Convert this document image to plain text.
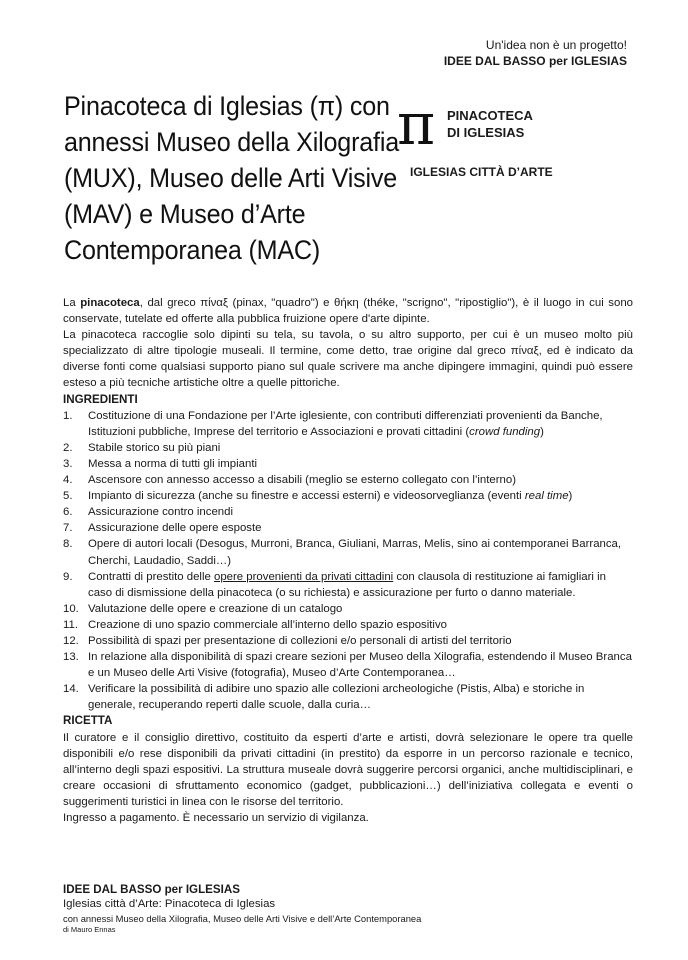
Un'idea non è un progetto!
IDEE DAL BASSO per IGLESIAS
Pinacoteca di Iglesias (π) con annessi Museo della Xilografia (MUX), Museo delle Arti Visive (MAV) e Museo d’Arte Contemporanea (MAC)
π PINACOTECA
DI IGLESIAS
IGLESIAS CITTÀ D’ARTE

La pinacoteca, dal greco πίναξ (pinax, "quadro") e θήκη (théke, "scrigno", "ripostiglio"), è il luogo in cui sono conservate, tutelate ed offerte alla pubblica fruizione opere d'arte dipinte.

La pinacoteca raccoglie solo dipinti su tela, su tavola, o su altro supporto, per cui è un museo molto più specializzato di altre tipologie museali. Il termine, come detto, trae origine dal greco πίναξ, ed è indicato da diverse fonti come qualsiasi supporto piano sul quale scrivere ma anche dipingere immagini, quindi può essere esteso a più tecniche artistiche oltre a quelle pittoriche.

INGREDIENTI

1.	Costituzione di una Fondazione per l’Arte iglesiente, con contributi differenziati provenienti da Banche, Istituzioni pubbliche, Imprese del territorio e Associazioni e provati cittadini (crowd funding)
2.	Stabile storico su più piani
3.	Messa a norma di tutti gli impianti
4.	Ascensore con annesso accesso a disabili (meglio se esterno collegato con l’interno)
5.	Impianto di sicurezza (anche su finestre e accessi esterni) e videosorveglianza (eventi real time)
6.	Assicurazione contro incendi
7.	Assicurazione delle opere esposte
8.	Opere di autori locali (Desogus, Murroni, Branca, Giuliani, Marras, Melis, sino ai contemporanei Barranca, Cherchi, Laudadio, Saddi…)
9.	Contratti di prestito delle opere provenienti da privati cittadini con clausola di restituzione ai famigliari in caso di dismissione della pinacoteca (o su richiesta) e assicurazione per furto o danno materiale.
10. Valutazione delle opere e creazione di un catalogo
11. Creazione di uno spazio commerciale all’interno dello spazio espositivo
12. Possibilità di spazi per presentazione di collezioni e/o personali di artisti del territorio
13. In relazione alla disponibilità di spazi creare sezioni per Museo della Xilografia, estendendo il Museo Branca e un Museo delle Arti Visive (fotografia), Museo d’Arte Contemporanea…
14. Verificare la possibilità di adibire uno spazio alle collezioni archeologiche (Pistis, Alba) e storiche in generale, recuperando reperti dalle scuole, dalla curia…

RICETTA

Il curatore e il consiglio direttivo, costituito da esperti d’arte e artisti, dovrà selezionare le opere tra quelle disponibili e/o rese disponibili da privati cittadini (in prestito) da esporre in un percorso razionale e tecnico, all’interno degli spazi espositivi. La struttura museale dovrà suggerire percorsi organici, anche multidisciplinari, e creare occasioni di sfruttamento economico (gadget, pubblicazioni…) dell’iniziativa collegata e eventi o suggerimenti turistici in linea con le risorse del territorio.

Ingresso a pagamento. È necessario un servizio di vigilanza.

IDEE DAL BASSO per IGLESIAS
Iglesias città d’Arte: Pinacoteca di Iglesias
con annessi Museo della Xilografia, Museo delle Arti Visive e dell’Arte Contemporanea
di Mauro Ennas
